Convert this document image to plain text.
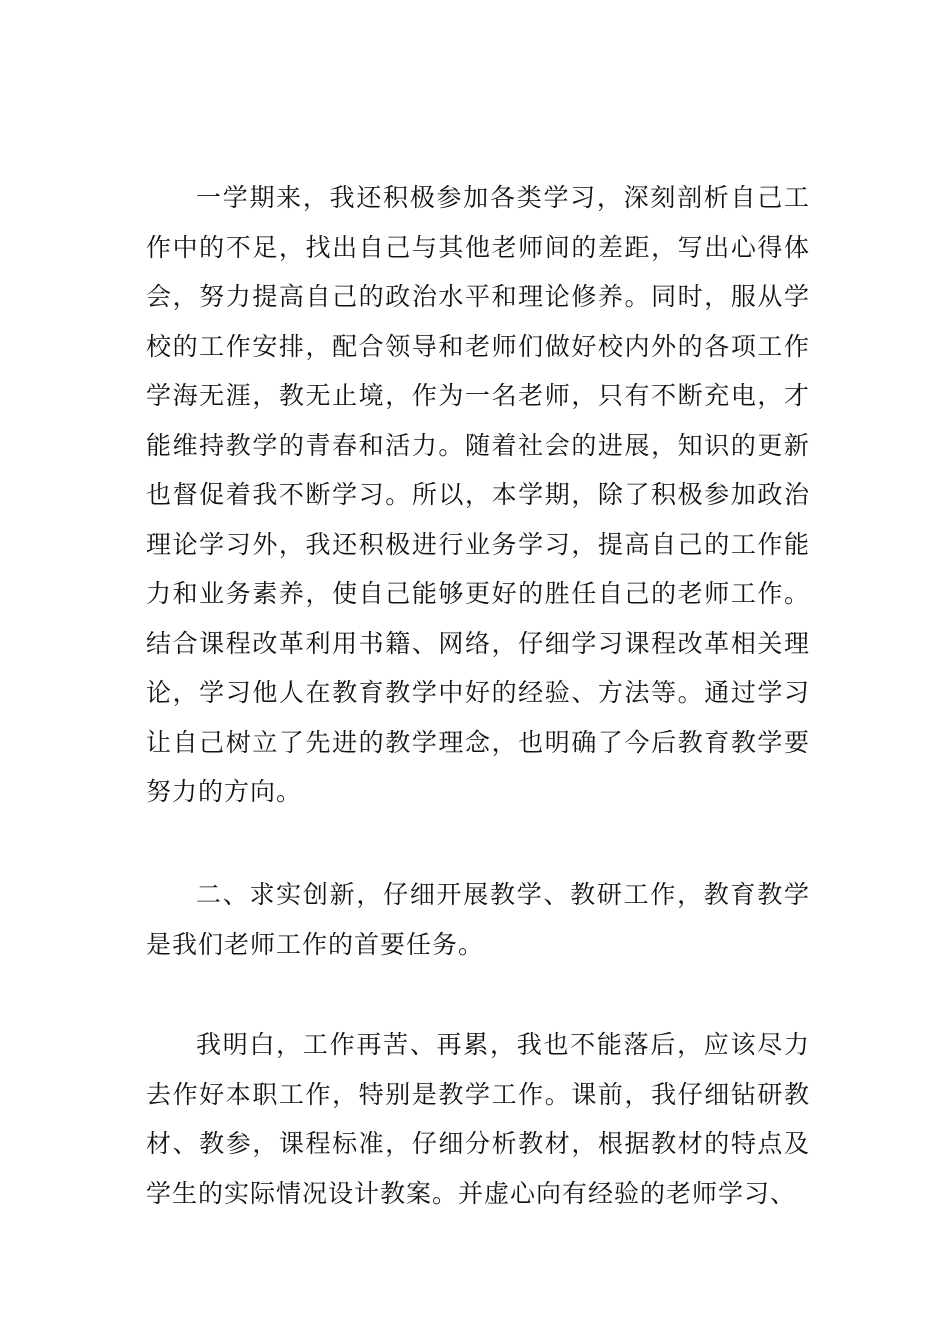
一学期来，我还积极参加各类学习，深刻剖析自己工作中的不足，找出自己与其他老师间的差距，写出心得体会，努力提高自己的政治水平和理论修养。同时，服从学校的工作安排，配合领导和老师们做好校内外的各项工作学海无涯，教无止境，作为一名老师，只有不断充电，才能维持教学的青春和活力。随着社会的进展，知识的更新也督促着我不断学习。所以，本学期，除了积极参加政治理论学习外，我还积极进行业务学习，提高自己的工作能力和业务素养，使自己能够更好的胜任自己的老师工作。结合课程改革利用书籍、网络，仔细学习课程改革相关理论，学习他人在教育教学中好的经验、方法等。通过学习让自己树立了先进的教学理念，也明确了今后教育教学要努力的方向。

二、求实创新，仔细开展教学、教研工作，教育教学是我们老师工作的首要任务。

我明白，工作再苦、再累，我也不能落后，应该尽力去作好本职工作，特别是教学工作。课前，我仔细钻研教材、教参，课程标准，仔细分析教材，根据教材的特点及学生的实际情况设计教案。并虚心向有经验的老师学习、
